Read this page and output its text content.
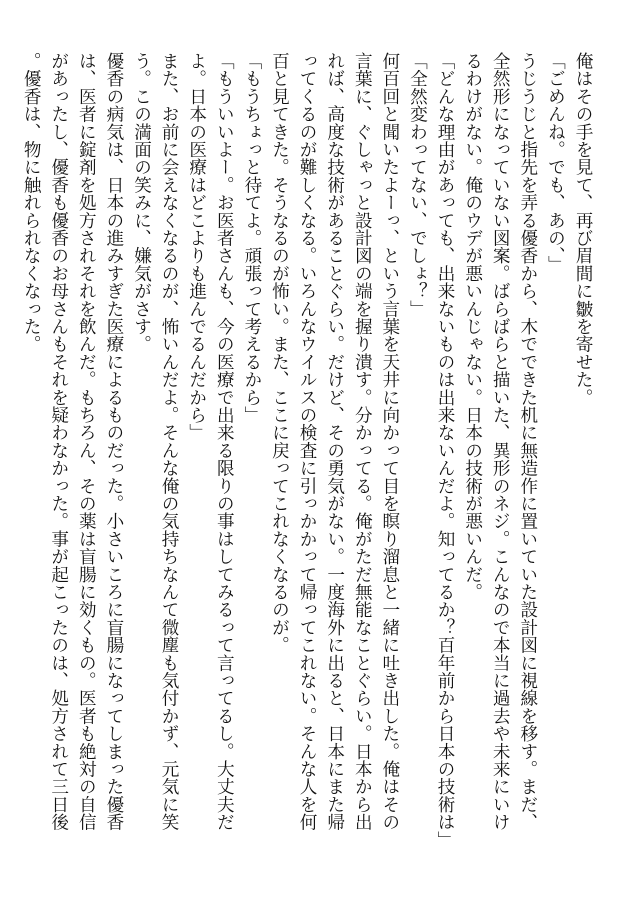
俺はその手を見て、再び眉間に皺を寄せた。

「ごめんね。でも、あの、」

うじうじと指先を弄る優香から、木でできた机に無造作に置いていた設計図に視線を移す。まだ、全然形になっていない図案。ばらばらと描いた、異形のネジ。こんなので本当に過去や未来にいけるわけがない。俺のウデが悪いんじゃない。日本の技術が悪いんだ。

「どんな理由があっても、出来ないものは出来ないんだよ。知ってるか？百年前から日本の技術は」

「全然変わってない、でしょ？」

何百回と聞いたよーっ、という言葉を天井に向かって目を瞑り溜息と一緒に吐き出した。俺はその言葉に、ぐしゃっと設計図の端を握り潰す。分かってる。俺がただ無能なことぐらい。日本から出れば、高度な技術があることぐらい。だけど、その勇気がない。一度海外に出ると、日本にまた帰ってくるのが難しくなる。いろんなウイルスの検査に引っかかって帰ってこれない。そんな人を何百と見てきた。そうなるのが怖い。また、ここに戻ってこれなくなるのが。

「もうちょっと待てよ。頑張って考えるから」

「もういいよー。お医者さんも、今の医療で出来る限りの事はしてみるって言ってるし。大丈夫だよ。日本の医療はどこよりも進んでるんだから」

また、お前に会えなくなるのが、怖いんだよ。そんな俺の気持ちなんて微塵も気付かず、元気に笑う。この満面の笑みに、嫌気がさす。

優香の病気は、日本の進みすぎた医療によるものだった。小さいころに盲腸になってしまった優香は、医者に錠剤を処方されそれを飲んだ。もちろん、その薬は盲腸に効くもの。医者も絶対の自信があったし、優香も優香のお母さんもそれを疑わなかった。事が起こったのは、処方されて三日後。優香は、物に触れられなくなった。
